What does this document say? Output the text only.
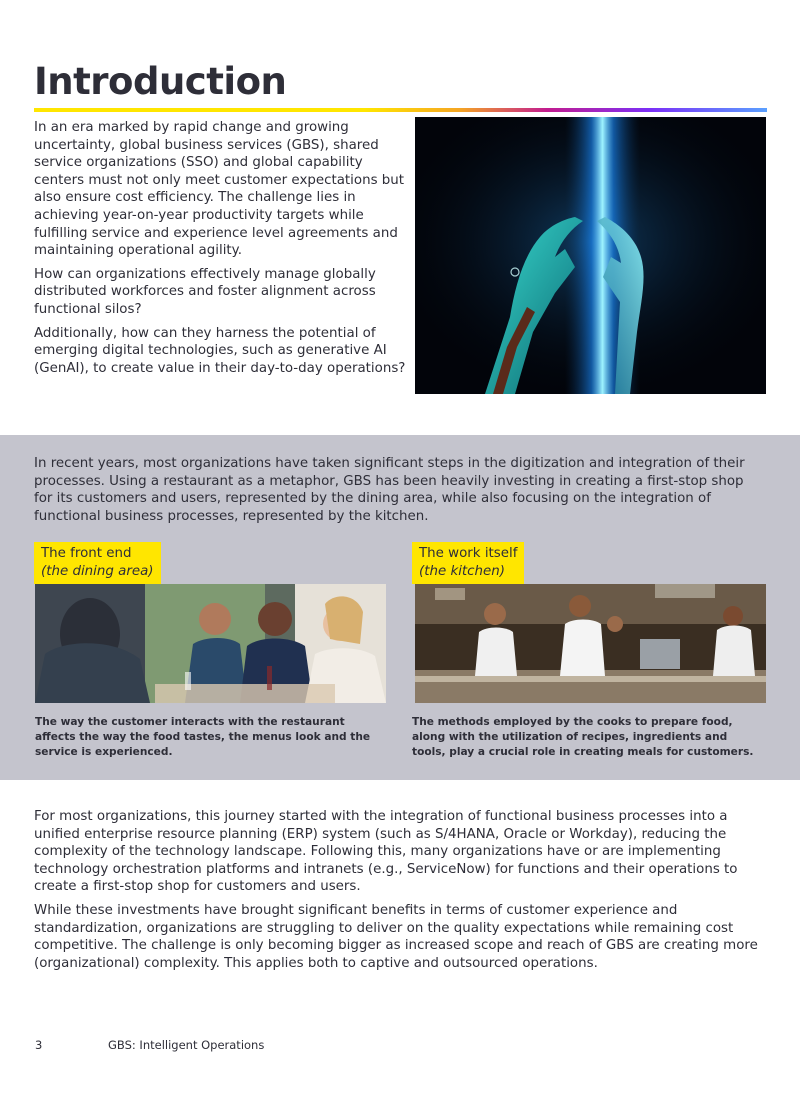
Introduction

In an era marked by rapid change and growing uncertainty, global business services (GBS), shared service organizations (SSO) and global capability centers must not only meet customer expectations but also ensure cost efficiency. The challenge lies in achieving year-on-year productivity targets while fulfilling service and experience level agreements and maintaining operational agility.

How can organizations effectively manage globally distributed workforces and foster alignment across functional silos?

Additionally, how can they harness the potential of emerging digital technologies, such as generative AI (GenAI), to create value in their day-to-day operations?

In recent years, most organizations have taken significant steps in the digitization and integration of their processes. Using a restaurant as a metaphor, GBS has been heavily investing in creating a first-stop shop for its customers and users, represented by the dining area, while also focusing on the integration of functional business processes, represented by the kitchen.

The front end
(the dining area)
The work itself
(the kitchen)

The way the customer interacts with the restaurant affects the way the food tastes, the menus look and the service is experienced.

The methods employed by the cooks to prepare food, along with the utilization of recipes, ingredients and tools, play a crucial role in creating meals for customers.

For most organizations, this journey started with the integration of functional business processes into a unified enterprise resource planning (ERP) system (such as S/4HANA, Oracle or Workday), reducing the complexity of the technology landscape. Following this, many organizations have or are implementing technology orchestration platforms and intranets (e.g., ServiceNow) for functions and their operations to create a first-stop shop for customers and users.

While these investments have brought significant benefits in terms of customer experience and standardization, organizations are struggling to deliver on the quality expectations while remaining cost competitive. The challenge is only becoming bigger as increased scope and reach of GBS are creating more (organizational) complexity. This applies both to captive and outsourced operations.

3	GBS: Intelligent Operations
